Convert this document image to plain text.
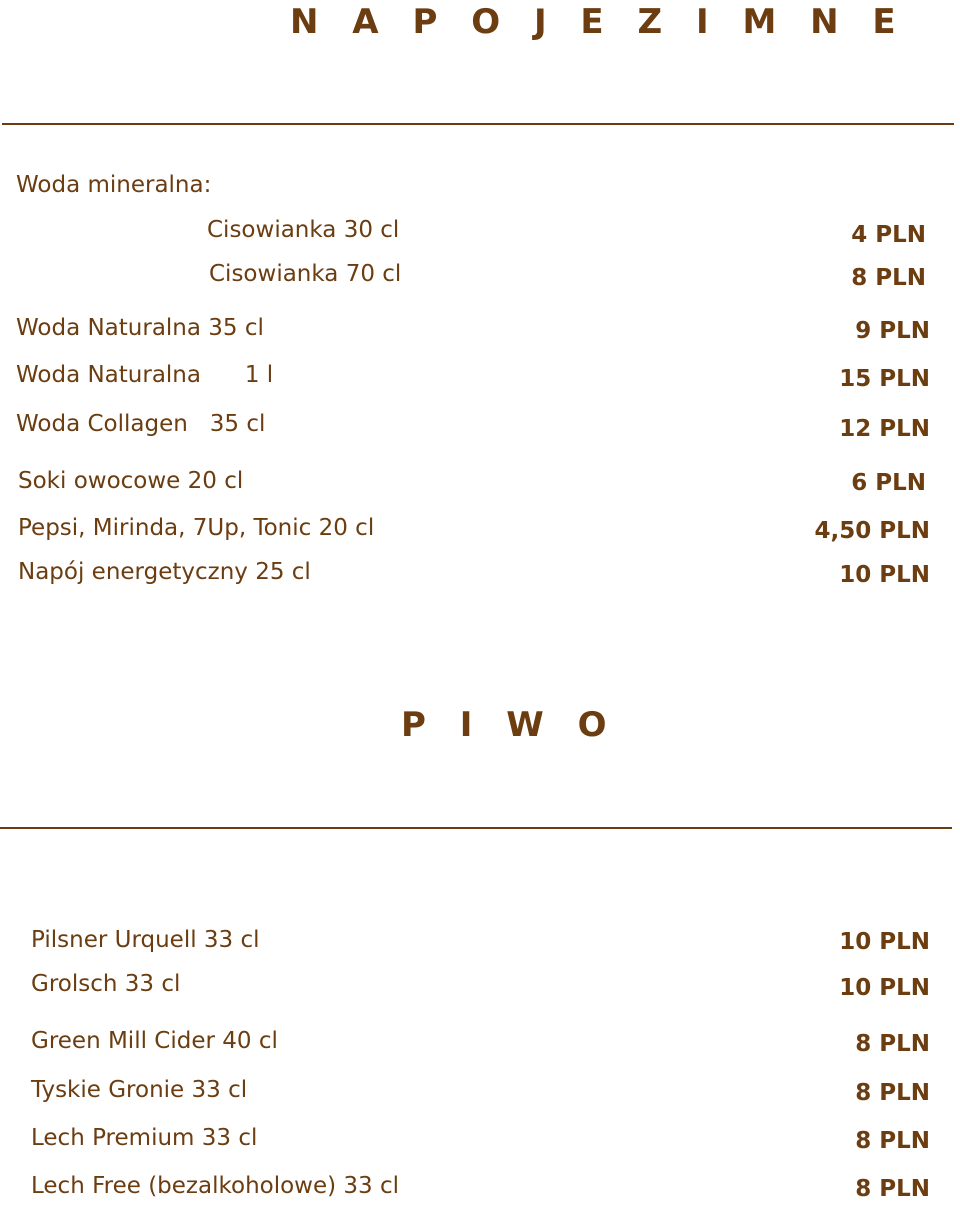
N A P O J E Z I M N E
Woda mineralna:
Cisowianka 30 cl	4 PLN
Cisowianka 70 cl	8 PLN
Woda Naturalna 35 cl	9 PLN
Woda Naturalna      1 l	15 PLN
Woda Collagen   35 cl	12 PLN
Soki owocowe 20 cl	6 PLN
Pepsi, Mirinda, 7Up, Tonic 20 cl	4,50 PLN
Napój energetyczny 25 cl	10 PLN
P I W O
Pilsner Urquell 33 cl	10 PLN
Grolsch 33 cl	10 PLN
Green Mill Cider 40 cl	8 PLN
Tyskie Gronie 33 cl	8 PLN
Lech Premium 33 cl	8 PLN
Lech Free (bezalkoholowe) 33 cl	8 PLN
